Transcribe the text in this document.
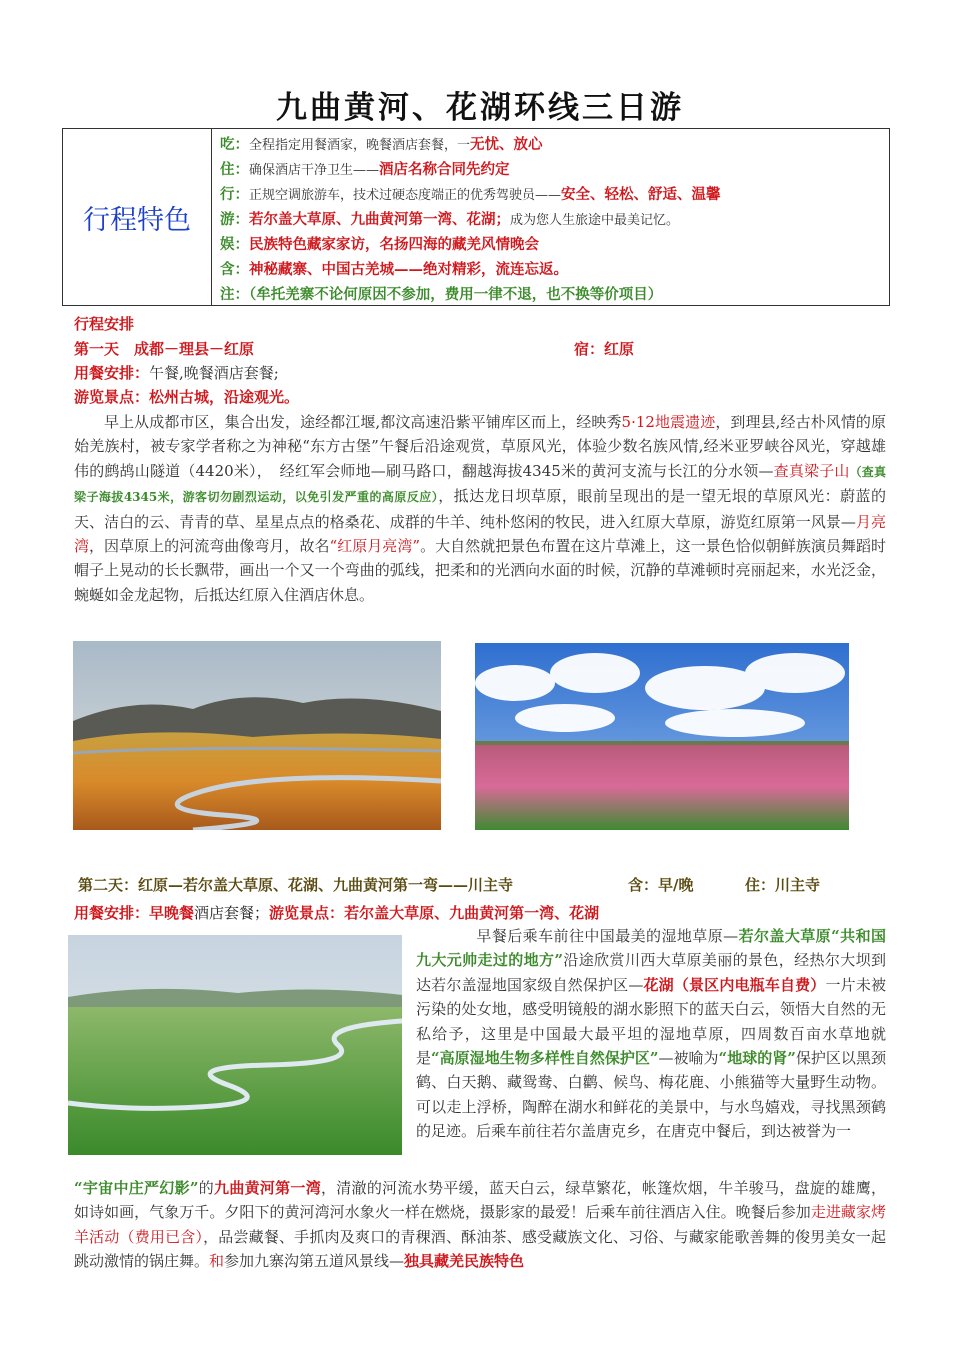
九曲黄河、花湖环线三日游
行程特色
吃：全程指定用餐酒家，晚餐酒店套餐，一无忧、放心
住：确保酒店干净卫生——酒店名称合同先约定
行：正规空调旅游车，技术过硬态度端正的优秀驾驶员——安全、轻松、舒适、温馨
游：若尔盖大草原、九曲黄河第一湾、花湖；成为您人生旅途中最美记忆。
娱：民族特色藏家家访，名扬四海的藏羌风情晚会
含：神秘藏寨、中国古羌城——绝对精彩，流连忘返。
注：（牟托羌寨不论何原因不参加，费用一律不退，也不换等价项目）
行程安排
第一天　成都－理县－红原	宿：红原
用餐安排：午餐,晚餐酒店套餐;
游览景点：松州古城，沿途观光。
早上从成都市区，集合出发，途经都江堰,都汶高速沿紫平铺库区而上，经映秀5·12地震遗迹，到理县,经古朴风情的原始羌族村，被专家学者称之为神秘“东方古堡”午餐后沿途观赏，草原风光，体验少数名族风情,经米亚罗峡谷风光，穿越雄伟的鹧鸪山隧道（4420米），　经红军会师地—刷马路口，翻越海拔4345米的黄河支流与长江的分水领—查真梁子山（查真梁子海拔4345米，游客切勿剧烈运动，以免引发严重的高原反应），抵达龙日坝草原，眼前呈现出的是一望无垠的草原风光：蔚蓝的天、洁白的云、青青的草、星星点点的格桑花、成群的牛羊、纯朴悠闲的牧民，进入红原大草原，游览红原第一风景—月亮湾，因草原上的河流弯曲像弯月，故名“红原月亮湾”。大自然就把景色布置在这片草滩上，这一景色恰似朝鲜族演员舞蹈时帽子上晃动的长长飘带，画出一个又一个弯曲的弧线，把柔和的光洒向水面的时候，沉静的草滩顿时亮丽起来，水光泛金，蜿蜒如金龙起物，后抵达红原入住酒店休息。
第二天：红原—若尔盖大草原、花湖、九曲黄河第一弯——川主寺	含：早/晚	住：川主寺
用餐安排：早晚餐酒店套餐；游览景点：若尔盖大草原、九曲黄河第一湾、花湖
早餐后乘车前往中国最美的湿地草原—若尔盖大草原“共和国九大元帅走过的地方”沿途欣赏川西大草原美丽的景色，经热尔大坝到达若尔盖湿地国家级自然保护区—花湖（景区内电瓶车自费）一片未被污染的处女地，感受明镜般的湖水影照下的蓝天白云，领悟大自然的无私给予，这里是中国最大最平坦的湿地草原，四周数百亩水草地就是“高原湿地生物多样性自然保护区”—被喻为“地球的肾”保护区以黑颈鹤、白天鹅、藏鸳鸯、白鹳、候鸟、梅花鹿、小熊猫等大量野生动物。可以走上浮桥，陶醉在湖水和鲜花的美景中，与水鸟嬉戏，寻找黑颈鹤的足迹。后乘车前往若尔盖唐克乡，在唐克中餐后，到达被誉为一
“宇宙中庄严幻影”的九曲黄河第一湾，清澈的河流水势平缓，蓝天白云，绿草繁花，帐篷炊烟，牛羊骏马，盘旋的雄鹰，如诗如画，气象万千。夕阳下的黄河湾河水象火一样在燃烧，摄影家的最爱！后乘车前往酒店入住。晚餐后参加走进藏家烤羊活动（费用已含），品尝藏餐、手抓肉及爽口的青稞酒、酥油茶、感受藏族文化、习俗、与藏家能歌善舞的俊男美女一起跳动激情的锅庄舞。和参加九寨沟第五道风景线—独具藏羌民族特色
